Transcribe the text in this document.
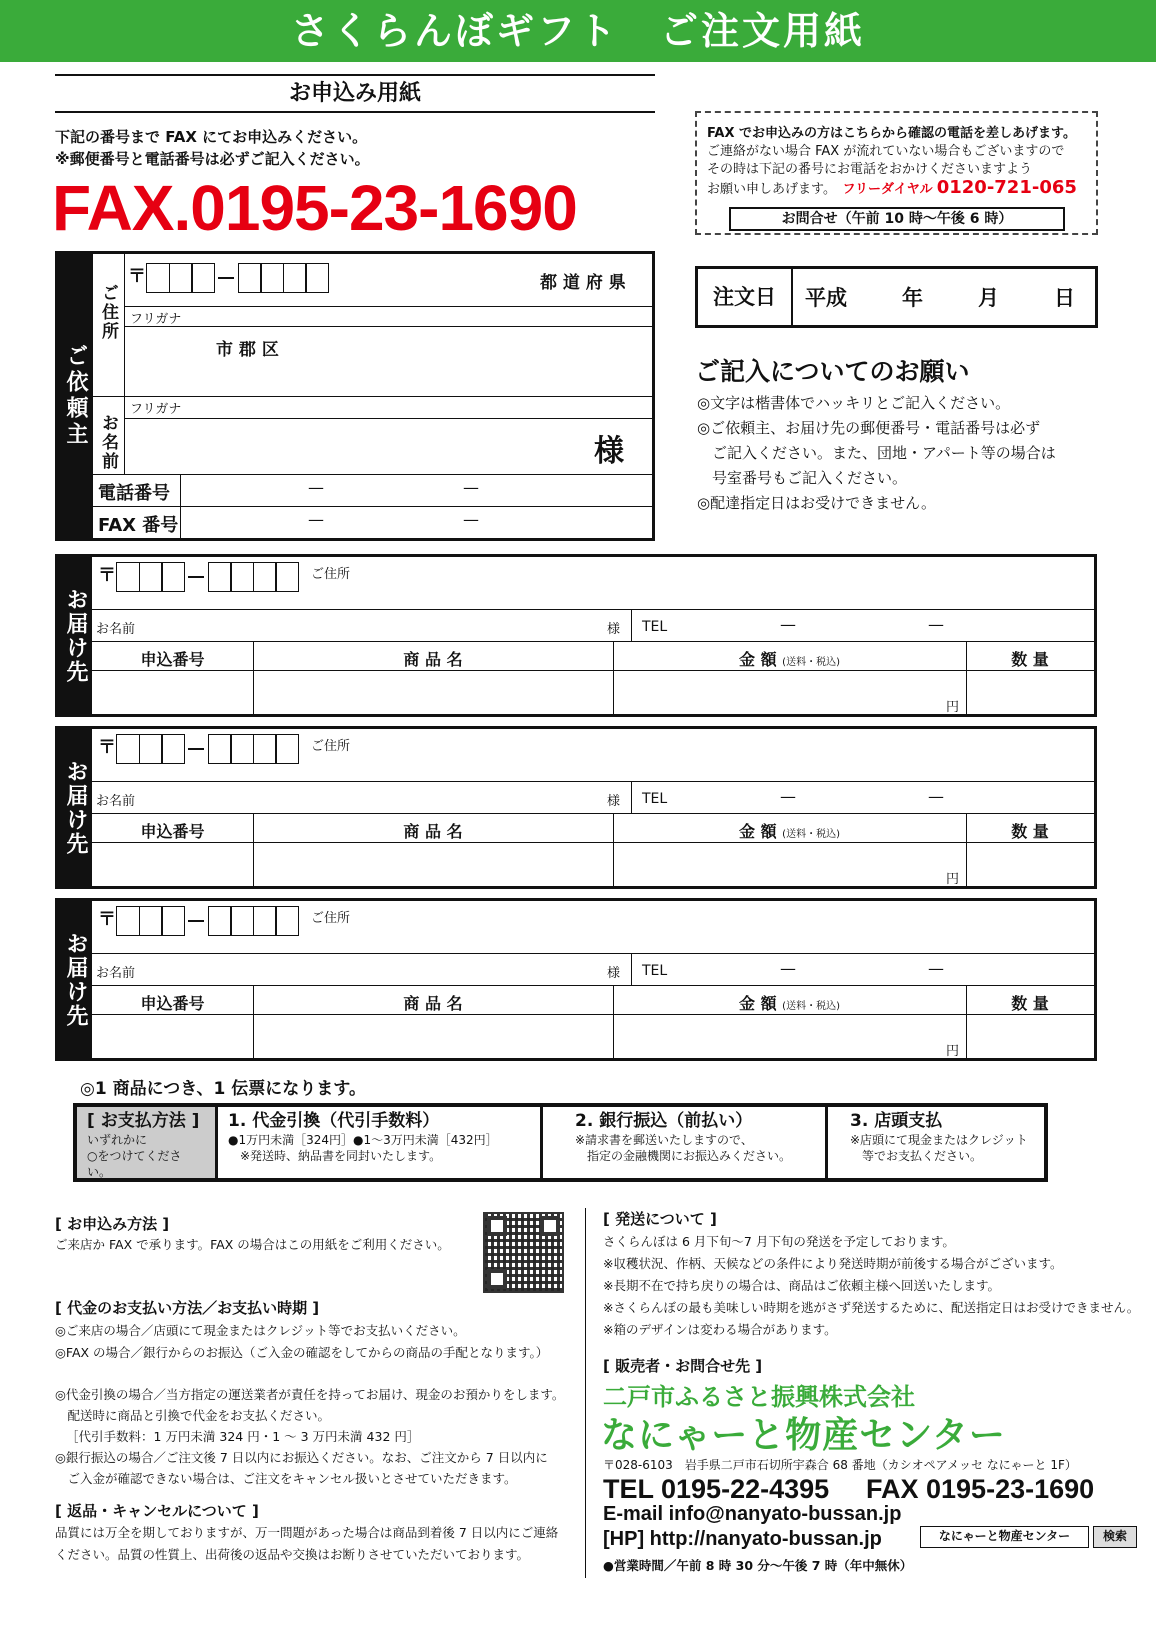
さくらんぼギフト　ご注文用紙
お申込み用紙
下記の番号まで FAX にてお申込みください。
※郵便番号と電話番号は必ずご記入ください。
FAX.0195-23-1690
FAX でお申込みの方はこちらから確認の電話を差しあげます。
ご連絡がない場合 FAX が流れていない場合もございますので
その時は下記の番号にお電話をおかけくださいますよう
お願い申しあげます。　 フリーダイヤル 0120-721-065
お問合せ（午前 10 時〜午後 6 時）
注文日	平成	年	月	日
ご記入についてのお願い
◎文字は楷書体でハッキリとご記入ください。
◎ご依頼主、お届け先の郵便番号・電話番号は必ず
　ご記入ください。また、団地・アパート等の場合は
　号室番号もご記入ください。
◎配達指定日はお受けできません。
ご依頼主
ご住所
お名前
〒	都 道 府 県
フリガナ
市 郡 区
フリガナ
様
電話番号	—	—
FAX 番号	—	—
お届け先
〒	ご住所
お名前	様 TEL	—	—
申込番号	商 品 名	金 額 (送料・税込)	数 量
円
お届け先
〒	ご住所
お名前	様 TEL	—	—
申込番号	商 品 名	金 額 (送料・税込)	数 量
円
お届け先
〒	ご住所
お名前	様 TEL	—	—
申込番号	商 品 名	金 額 (送料・税込)	数 量
円
◎1 商品につき、1 伝票になります。
[ お支払方法 ]
いずれかに
○をつけてください。
1. 代金引換（代引手数料）
●1万円未満［324円］●1〜3万円未満［432円］
※発送時、納品書を同封いたします。
2. 銀行振込（前払い）
※請求書を郵送いたしますので、
指定の金融機関にお振込みください。
3. 店頭支払
※店頭にて現金またはクレジット
等でお支払ください。
[ お申込み方法 ]
ご来店か FAX で承ります。FAX の場合はこの用紙をご利用ください。
[ 代金のお支払い方法／お支払い時期 ]
◎ご来店の場合／店頭にて現金またはクレジット等でお支払いください。
◎FAX の場合／銀行からのお振込（ご入金の確認をしてからの商品の手配となります。）
◎代金引換の場合／当方指定の運送業者が責任を持ってお届け、現金のお預かりをします。
　配送時に商品と引換で代金をお支払ください。
［代引手数料：1 万円未満 324 円・1 〜 3 万円未満 432 円］
◎銀行振込の場合／ご注文後 7 日以内にお振込ください。なお、ご注文から 7 日以内に
　ご入金が確認できない場合は、ご注文をキャンセル扱いとさせていただきます。
[ 返品・キャンセルについて ]
品質には万全を期しておりますが、万一問題があった場合は商品到着後 7 日以内にご連絡
ください。品質の性質上、出荷後の返品や交換はお断りさせていただいております。
[ 発送について ]
さくらんぼは 6 月下旬〜7 月下旬の発送を予定しております。
※収穫状況、作柄、天候などの条件により発送時期が前後する場合がございます。
※長期不在で持ち戻りの場合は、商品はご依頼主様へ回送いたします。
※さくらんぼの最も美味しい時期を逃がさず発送するために、配送指定日はお受けできません。
※箱のデザインは変わる場合があります。
[ 販売者・お問合せ先 ]
二戸市ふるさと振興株式会社
なにゃーと物産センター
〒028-6103　岩手県二戸市石切所宇森合 68 番地（カシオペアメッセ なにゃーと 1F）
TEL 0195-22-4395 FAX 0195-23-1690
E-mail info@nanyato-bussan.jp
[HP] http://nanyato-bussan.jp	なにゃーと物産センター	検索
●営業時間／午前 8 時 30 分〜午後 7 時（年中無休）
